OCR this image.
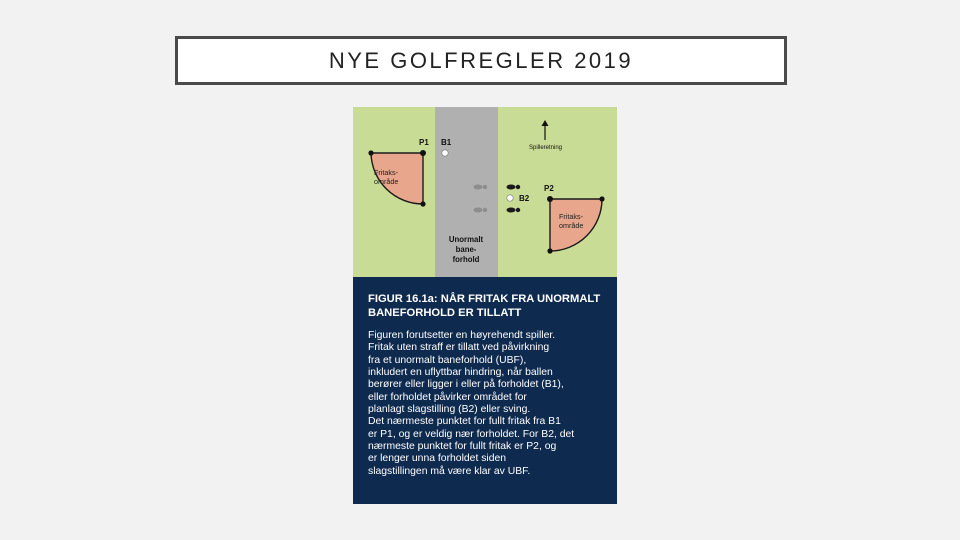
NYE GOLFREGLER 2019
P1 B1
P2
B2
Spilleretning
Fritaks-
område
Fritaks-
område
Unormalt
bane-
forhold

FIGUR 16.1a: NÅR FRITAK FRA UNORMALT
BANEFORHOLD ER TILLATT

Figuren forutsetter en høyrehendt spiller.
Fritak uten straff er tillatt ved påvirkning
fra et unormalt baneforhold (UBF),
inkludert en uflyttbar hindring, når ballen
berører eller ligger i eller på forholdet (B1),
eller forholdet påvirker området for
planlagt slagstilling (B2) eller sving.
Det nærmeste punktet for fullt fritak fra B1
er P1, og er veldig nær forholdet. For B2, det
nærmeste punktet for fullt fritak er P2, og
er lenger unna forholdet siden
slagstillingen må være klar av UBF.
